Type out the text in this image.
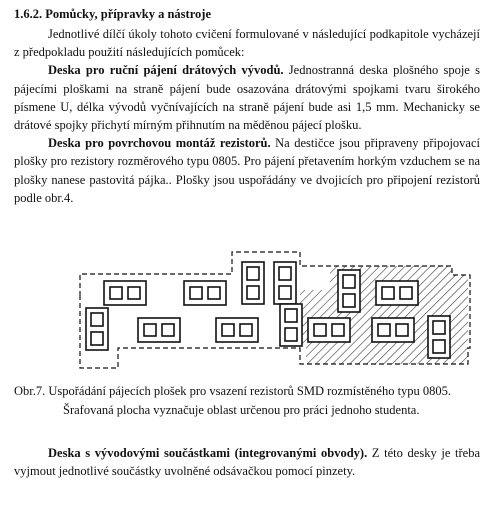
1.6.2. Pomůcky, přípravky a nástroje

Jednotlivé dílčí úkoly tohoto cvičení formulované v následující podkapitole vycházejí z předpokladu použití následujících pomůcek:

Deska pro ruční pájení drátových vývodů. Jednostranná deska plošného spoje s pájecími ploškami na straně pájení bude osazována drátovými spojkami tvaru širokého písmene U, délka vývodů vyčnívajících na straně pájení bude asi 1,5 mm. Mechanicky se drátové spojky přichytí mírným přihnutím na měděnou pájecí plošku.

Deska pro povrchovou montáž rezistorů. Na destičce jsou připraveny připojovací plošky pro rezistory rozměrového typu 0805. Pro pájení přetavením horkým vzduchem se na plošky nanese pastovitá pájka.. Plošky jsou uspořádány ve dvojicích pro připojení rezistorů podle obr.4.

Obr.7. Uspořádání pájecích plošek pro vsazení rezistorů SMD rozmístěného typu 0805.
Šrafovaná plocha vyznačuje oblast určenou pro práci jednoho studenta.

Deska s vývodovými součástkami (integrovanými obvody). Z této desky je třeba vyjmout jednotlivé součástky uvolněné odsávačkou pomocí pinzety.
